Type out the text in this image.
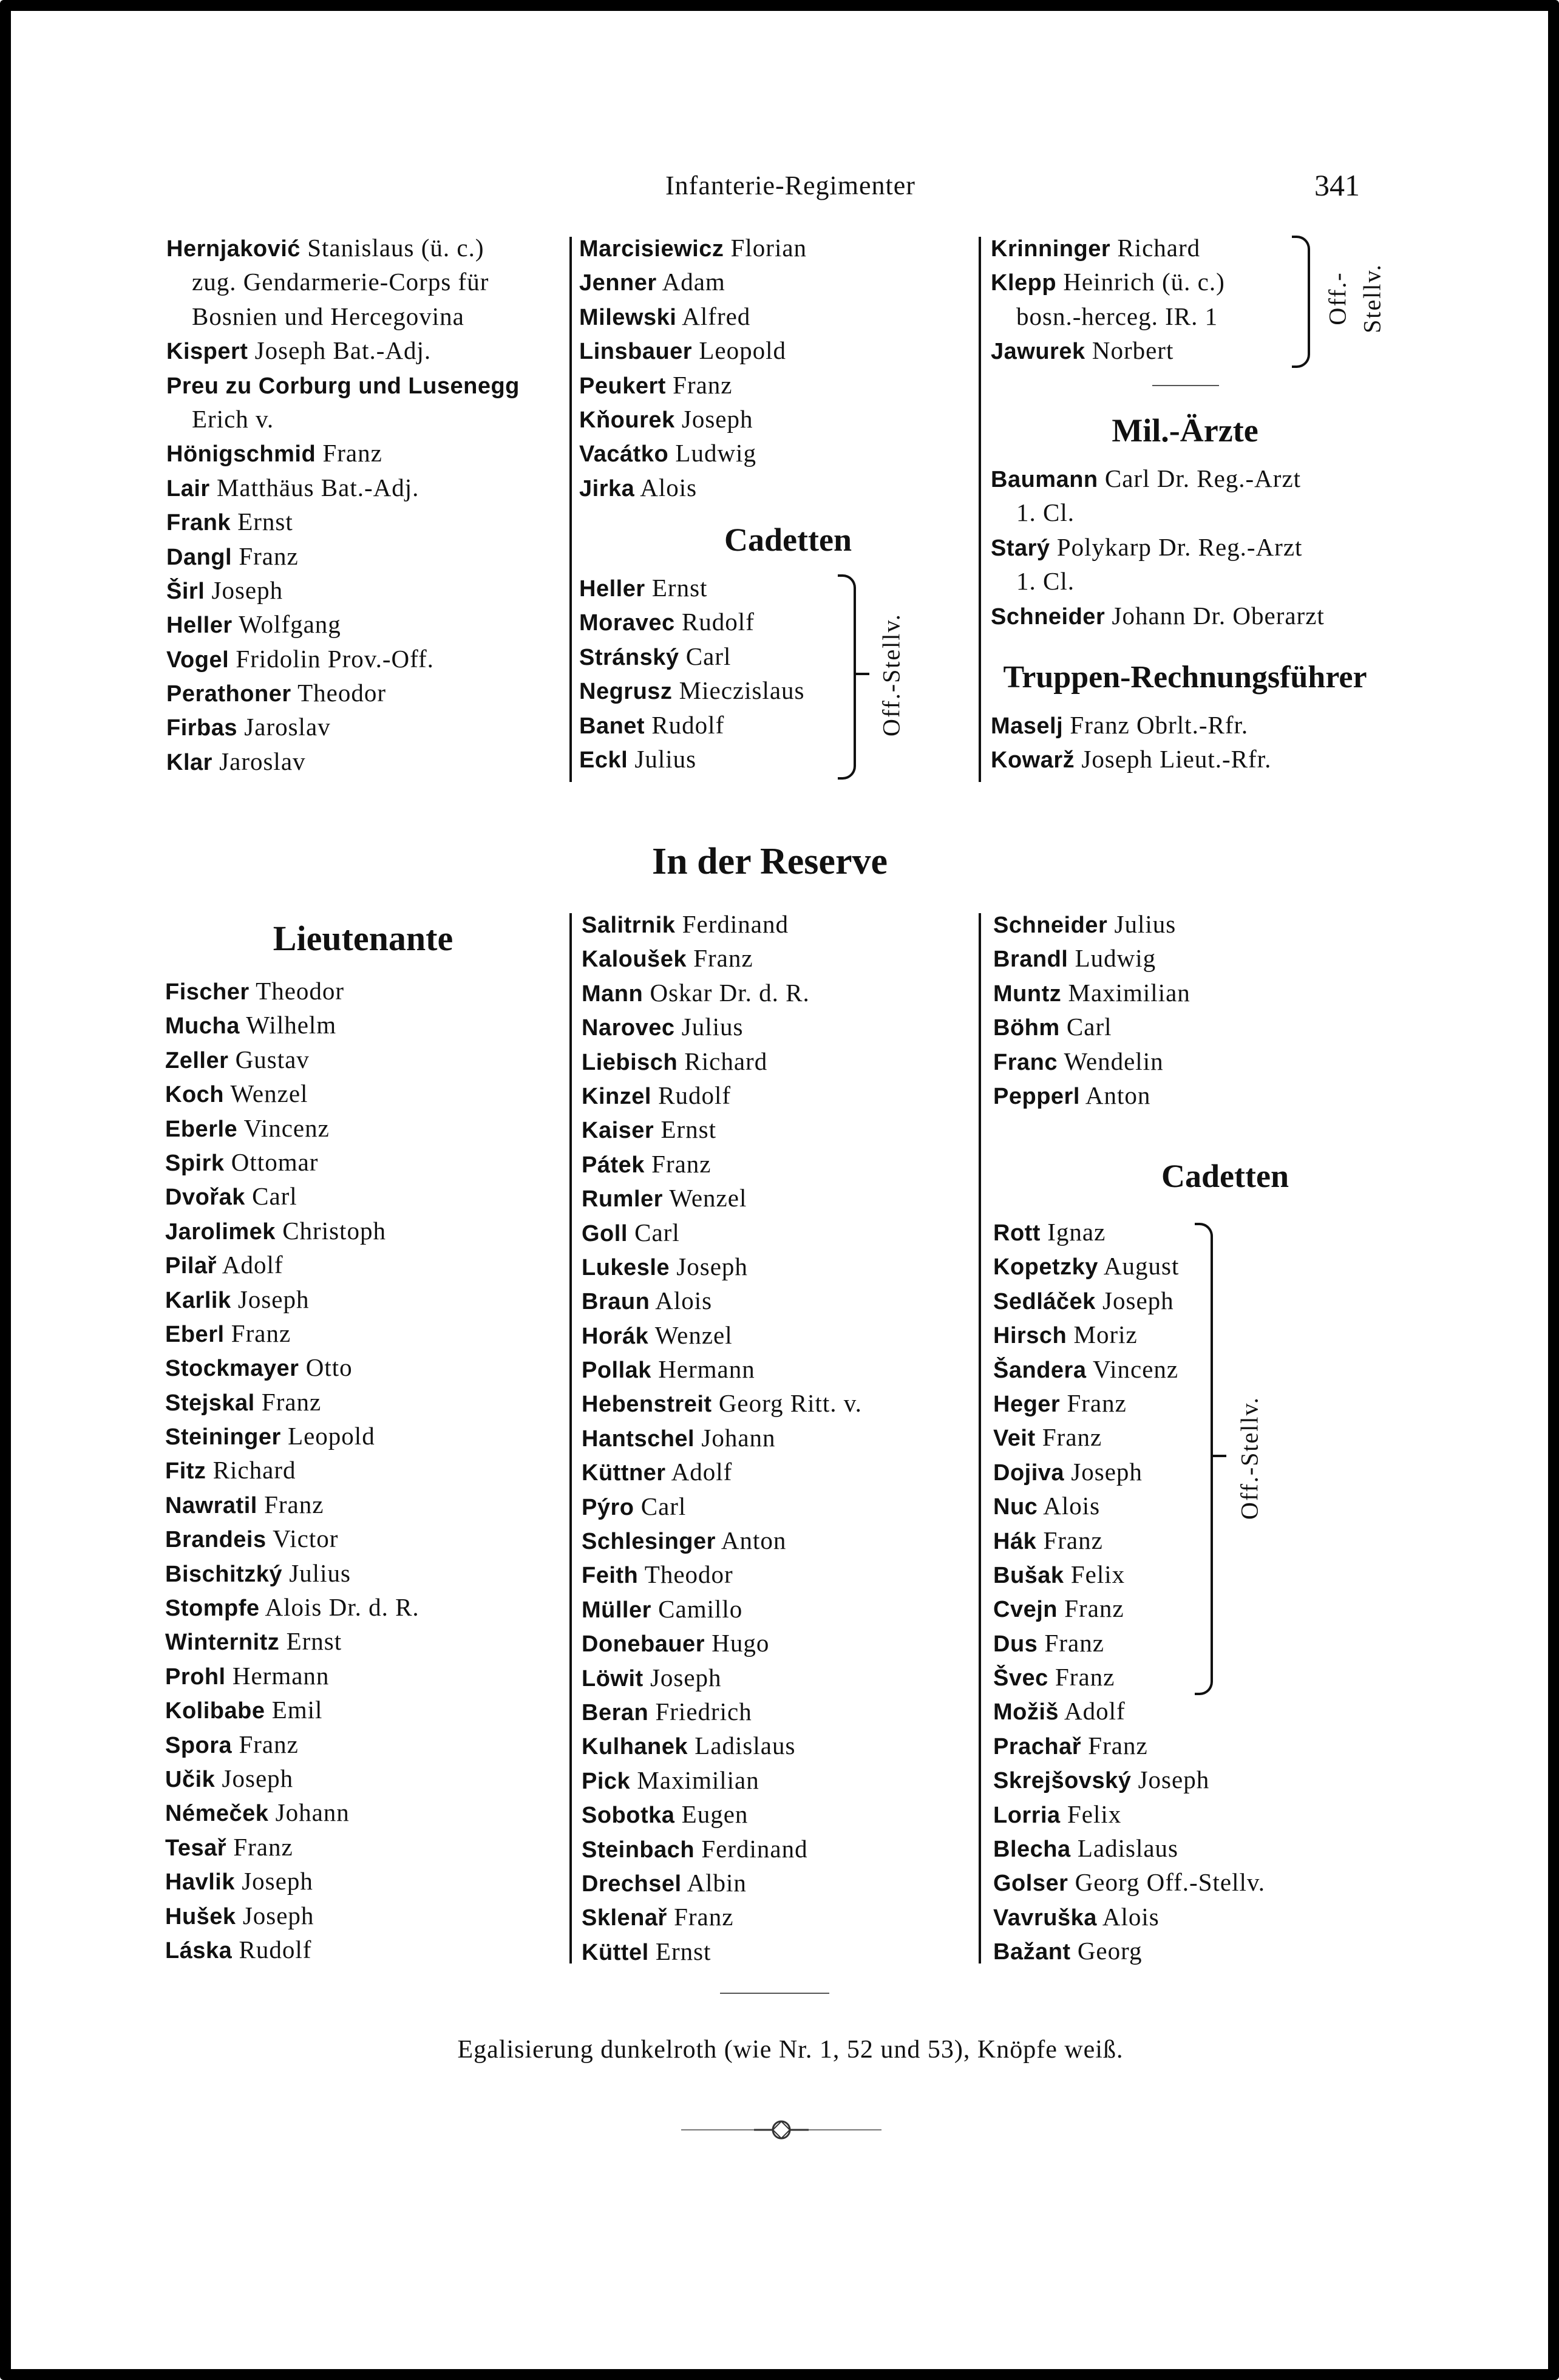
Infanterie-Regimenter	341
Hernjaković Stanislaus (ü. c.)
zug. Gendarmerie-Corps für
Bosnien und Hercegovina
Kispert Joseph Bat.-Adj.
Preu zu Corburg und Lusenegg
Erich v.
Hönigschmid Franz
Lair Matthäus Bat.-Adj.
Frank Ernst
Dangl Franz
Širl Joseph
Heller Wolfgang
Vogel Fridolin Prov.-Off.
Perathoner Theodor
Firbas Jaroslav
Klar Jaroslav
Marcisiewicz Florian
Jenner Adam
Milewski Alfred
Linsbauer Leopold
Peukert Franz
Kňourek Joseph
Vacátko Ludwig
Jirka Alois
Cadetten
Heller Ernst
Moravec Rudolf
Stránský Carl
Negrusz Mieczislaus
Banet Rudolf
Eckl Julius
Off.-Stellv.
Krinninger Richard
Klepp Heinrich (ü. c.)
bosn.-herceg. IR. 1
Jawurek Norbert
Off.- Stellv.
Mil.-Ärzte
Baumann Carl Dr. Reg.-Arzt
1. Cl.
Starý Polykarp Dr. Reg.-Arzt
1. Cl.
Schneider Johann Dr. Oberarzt
Truppen-Rechnungsführer
Maselj Franz Obrlt.-Rfr.
Kowarž Joseph Lieut.-Rfr.
In der Reserve
Lieutenante
Fischer Theodor
Mucha Wilhelm
Zeller Gustav
Koch Wenzel
Eberle Vincenz
Spirk Ottomar
Dvořak Carl
Jarolimek Christoph
Pilař Adolf
Karlik Joseph
Eberl Franz
Stockmayer Otto
Stejskal Franz
Steininger Leopold
Fitz Richard
Nawratil Franz
Brandeis Victor
Bischitzký Julius
Stompfe Alois Dr. d. R.
Winternitz Ernst
Prohl Hermann
Kolibabe Emil
Spora Franz
Učik Joseph
Némeček Johann
Tesař Franz
Havlik Joseph
Hušek Joseph
Láska Rudolf
Salitrnik Ferdinand
Kaloušek Franz
Mann Oskar Dr. d. R.
Narovec Julius
Liebisch Richard
Kinzel Rudolf
Kaiser Ernst
Pátek Franz
Rumler Wenzel
Goll Carl
Lukesle Joseph
Braun Alois
Horák Wenzel
Pollak Hermann
Hebenstreit Georg Ritt. v.
Hantschel Johann
Küttner Adolf
Pýro Carl
Schlesinger Anton
Feith Theodor
Müller Camillo
Donebauer Hugo
Löwit Joseph
Beran Friedrich
Kulhanek Ladislaus
Pick Maximilian
Sobotka Eugen
Steinbach Ferdinand
Drechsel Albin
Sklenař Franz
Küttel Ernst
Schneider Julius
Brandl Ludwig
Muntz Maximilian
Böhm Carl
Franc Wendelin
Pepperl Anton
Cadetten
Rott Ignaz
Kopetzky August
Sedláček Joseph
Hirsch Moriz
Šandera Vincenz
Heger Franz
Veit Franz
Dojiva Joseph
Nuc Alois
Hák Franz
Bušak Felix
Cvejn Franz
Dus Franz
Švec Franz
Možiš Adolf
Prachař Franz
Skrejšovský Joseph
Lorria Felix
Blecha Ladislaus
Golser Georg Off.-Stellv.
Vavruška Alois
Bažant Georg
Off.-Stellv.
Egalisierung dunkelroth (wie Nr. 1, 52 und 53), Knöpfe weiß.
